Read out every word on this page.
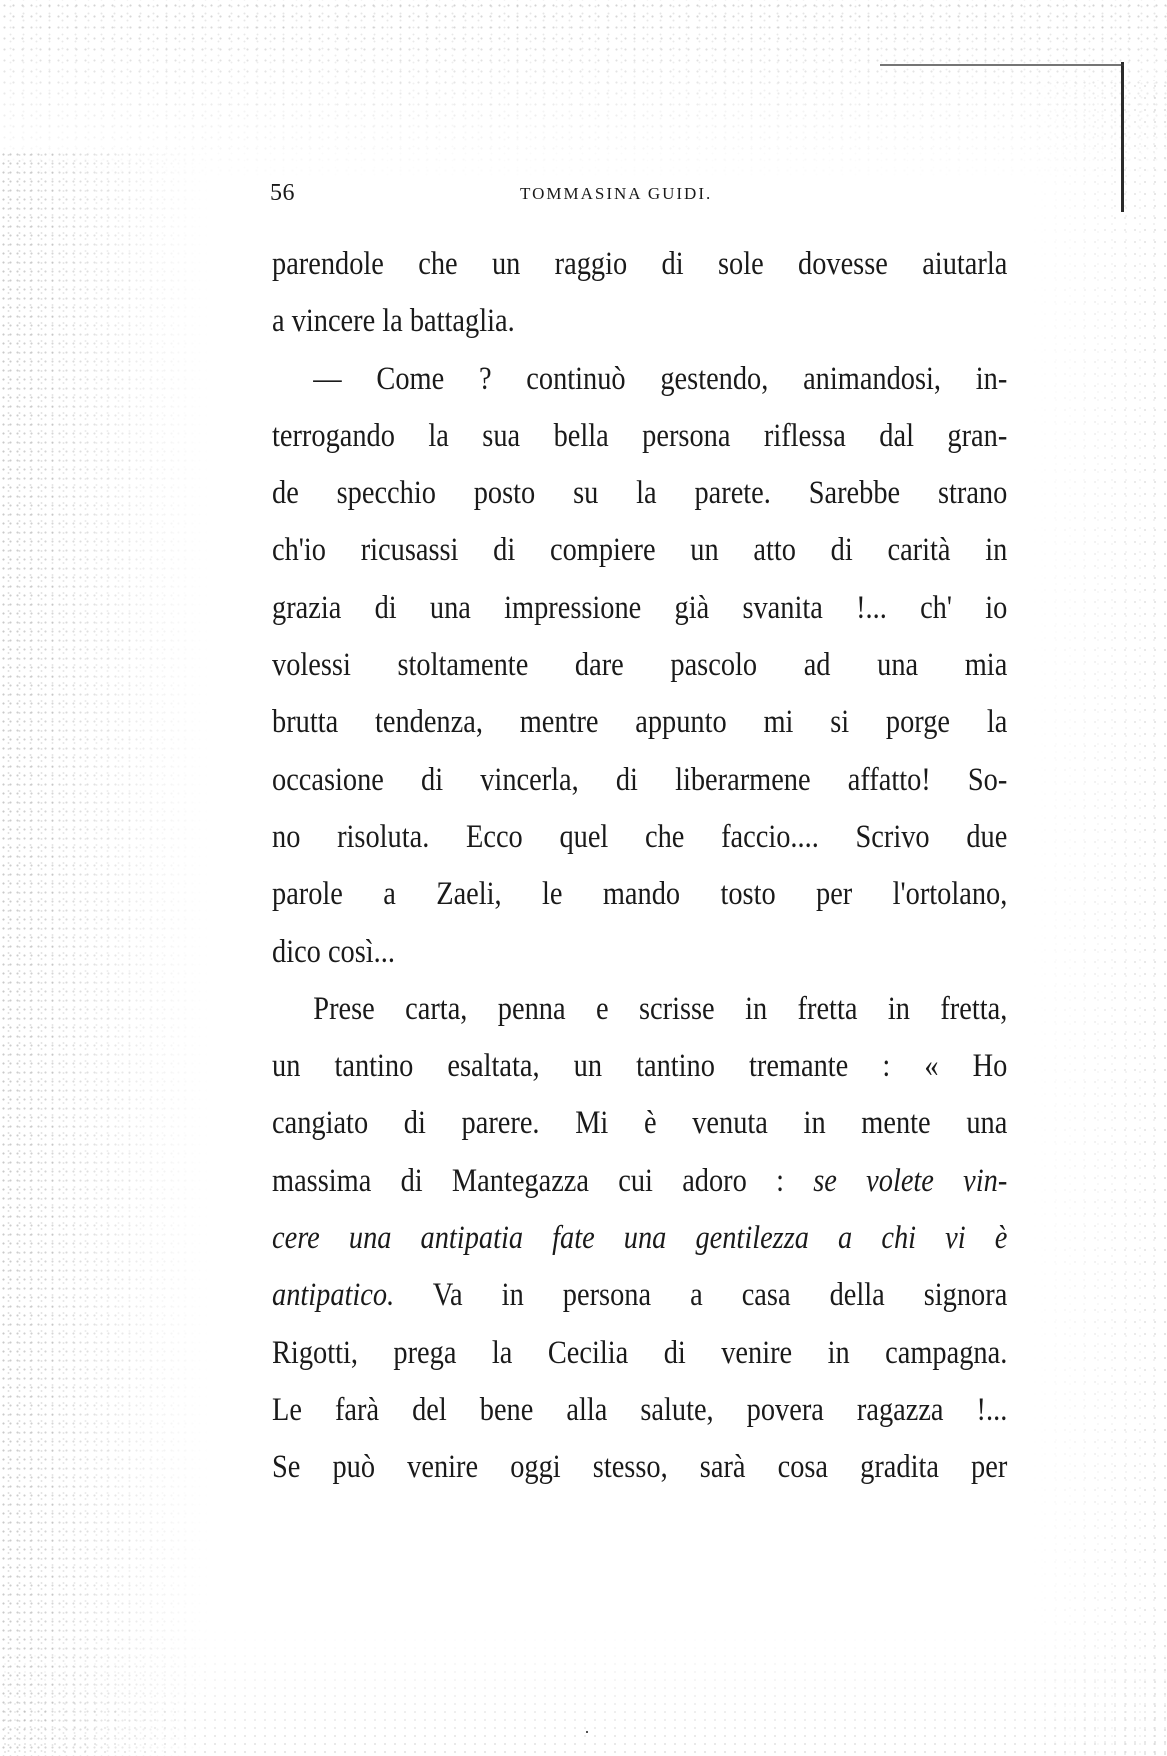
56	TOMMASINA GUIDI.
parendole che un raggio di sole dovesse aiutarla
a vincere la battaglia.
— Come ? continuò gestendo, animandosi, in-
terrogando la sua bella persona riflessa dal gran-
de specchio posto su la parete. Sarebbe strano
ch'io ricusassi di compiere un atto di carità in
grazia di una impressione già svanita !... ch' io
volessi stoltamente dare pascolo ad una mia
brutta tendenza, mentre appunto mi si porge la
occasione di vincerla, di liberarmene affatto! So-
no risoluta. Ecco quel che faccio.... Scrivo due
parole a Zaeli, le mando tosto per l'ortolano,
dico così...
Prese carta, penna e scrisse in fretta in fretta,
un tantino esaltata, un tantino tremante : « Ho
cangiato di parere. Mi è venuta in mente una
massima di Mantegazza cui adoro : se volete vin-
cere una antipatia fate una gentilezza a chi vi è
antipatico. Va in persona a casa della signora
Rigotti, prega la Cecilia di venire in campagna.
Le farà del bene alla salute, povera ragazza !...
Se può venire oggi stesso, sarà cosa gradita per
·
